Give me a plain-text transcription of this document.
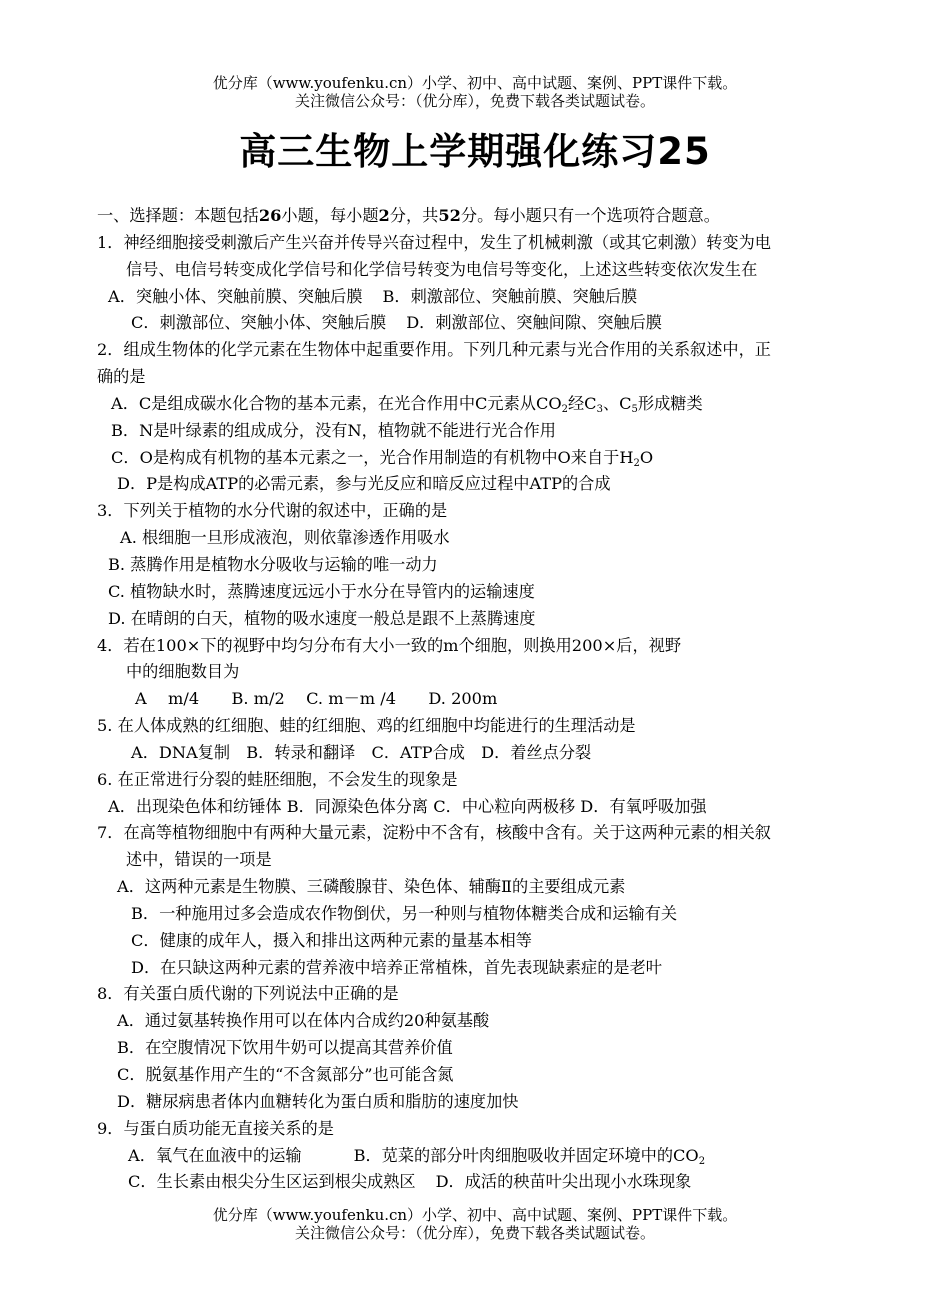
优分库（www.youfenku.cn）小学、初中、高中试题、案例、PPT课件下载。
关注微信公众号：（优分库），免费下载各类试题试卷。
高三生物上学期强化练习25
一、选择题：本题包括26小题，每小题2分，共52分。每小题只有一个选项符合题意。
1．神经细胞接受刺激后产生兴奋并传导兴奋过程中，发生了机械刺激（或其它刺激）转变为电
信号、电信号转变成化学信号和化学信号转变为电信号等变化，上述这些转变依次发生在
A．突触小体、突触前膜、突触后膜 B．刺激部位、突触前膜、突触后膜
C．刺激部位、突触小体、突触后膜 D．刺激部位、突触间隙、突触后膜
2．组成生物体的化学元素在生物体中起重要作用。下列几种元素与光合作用的关系叙述中，正
确的是
A．C是组成碳水化合物的基本元素，在光合作用中C元素从$CO_2$经$C_3$、$C_5$形成糖类
B．N是叶绿素的组成成分，没有N，植物就不能进行光合作用
C．O是构成有机物的基本元素之一，光合作用制造的有机物中O来自于$H_2O$
D．P是构成ATP的必需元素，参与光反应和暗反应过程中ATP的合成
3．下列关于植物的水分代谢的叙述中，正确的是
A. 根细胞一旦形成液泡，则依靠渗透作用吸水
B. 蒸腾作用是植物水分吸收与运输的唯一动力
C. 植物缺水时，蒸腾速度远远小于水分在导管内的运输速度
D. 在晴朗的白天，植物的吸水速度一般总是跟不上蒸腾速度
4．若在100×下的视野中均匀分布有大小一致的m个细胞，则换用200×后，视野
中的细胞数目为
A　 m/4　　B. m/2　 C. m－m /4　　D. 200m
5. 在人体成熟的红细胞、蛙的红细胞、鸡的红细胞中均能进行的生理活动是
A．DNA复制　B．转录和翻译　C．ATP合成　D．着丝点分裂
6. 在正常进行分裂的蛙胚细胞，不会发生的现象是
A．出现染色体和纺锤体 B．同源染色体分离 C．中心粒向两极移 D．有氧呼吸加强
7．在高等植物细胞中有两种大量元素，淀粉中不含有，核酸中含有。关于这两种元素的相关叙
述中，错误的一项是
A．这两种元素是生物膜、三磷酸腺苷、染色体、辅酶Ⅱ的主要组成元素
B．一种施用过多会造成农作物倒伏，另一种则与植物体糖类合成和运输有关
C．健康的成年人，摄入和排出这两种元素的量基本相等
D．在只缺这两种元素的营养液中培养正常植株，首先表现缺素症的是老叶
8．有关蛋白质代谢的下列说法中正确的是
A．通过氨基转换作用可以在体内合成约20种氨基酸
B．在空腹情况下饮用牛奶可以提高其营养价值
C．脱氨基作用产生的“不含氮部分”也可能含氮
D．糖尿病患者体内血糖转化为蛋白质和脂肪的速度加快
9．与蛋白质功能无直接关系的是
A．氧气在血液中的运输	B．苋菜的部分叶肉细胞吸收并固定环境中的$CO_2$
C．生长素由根尖分生区运到根尖成熟区 D．成活的秧苗叶尖出现小水珠现象
优分库（www.youfenku.cn）小学、初中、高中试题、案例、PPT课件下载。
关注微信公众号：（优分库），免费下载各类试题试卷。
